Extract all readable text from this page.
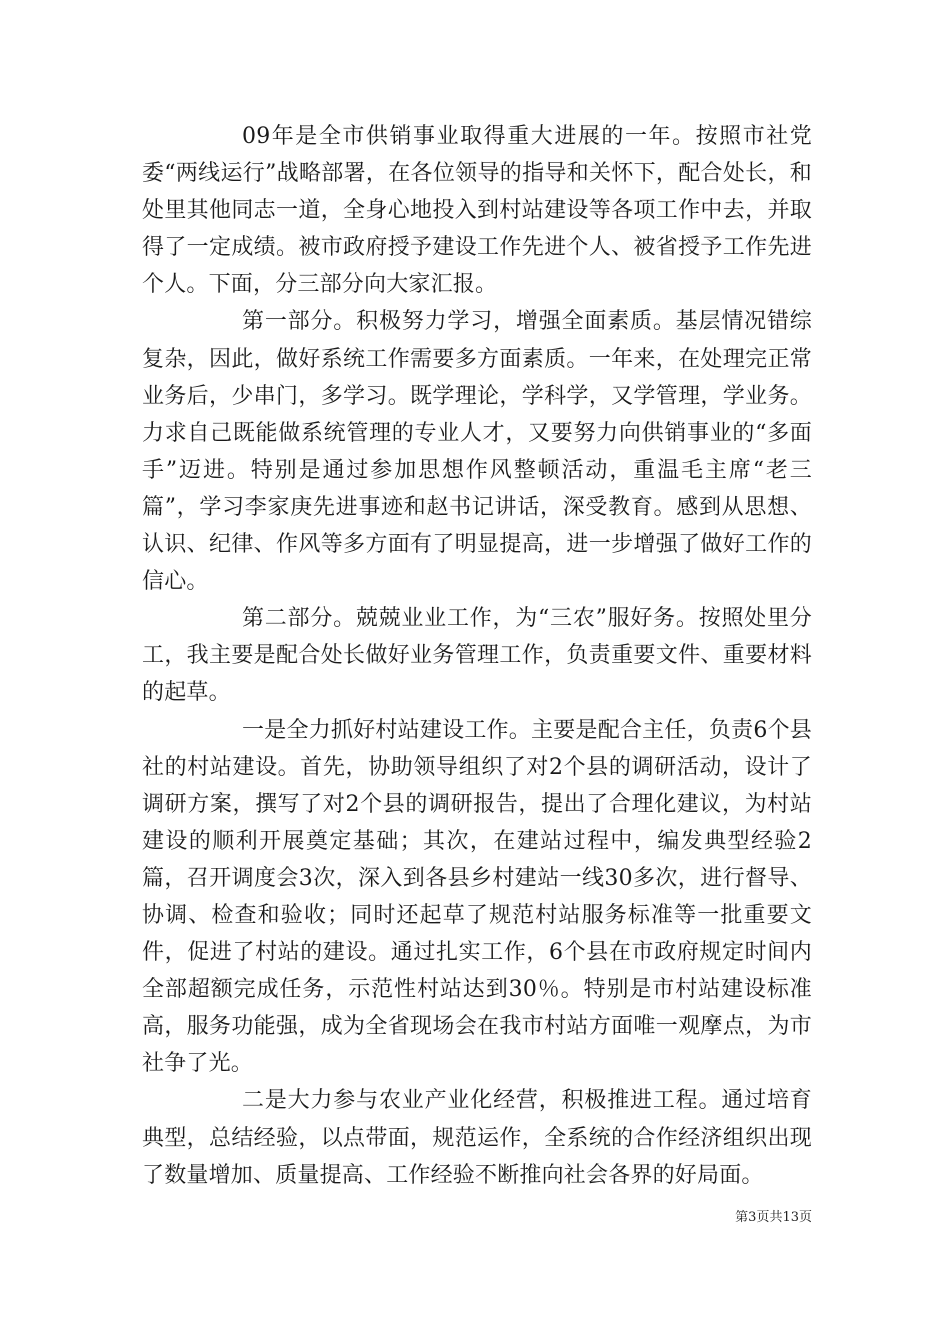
09年是全市供销事业取得重大进展的一年。按照市社党委“两线运行”战略部署，在各位领导的指导和关怀下，配合处长，和处里其他同志一道，全身心地投入到村站建设等各项工作中去，并取得了一定成绩。被市政府授予建设工作先进个人、被省授予工作先进个人。下面，分三部分向大家汇报。

第一部分。积极努力学习，增强全面素质。基层情况错综复杂，因此，做好系统工作需要多方面素质。一年来，在处理完正常业务后，少串门，多学习。既学理论，学科学，又学管理，学业务。力求自己既能做系统管理的专业人才，又要努力向供销事业的“多面手”迈进。特别是通过参加思想作风整顿活动，重温毛主席“老三篇”，学习李家庚先进事迹和赵书记讲话，深受教育。感到从思想、认识、纪律、作风等多方面有了明显提高，进一步增强了做好工作的信心。

第二部分。兢兢业业工作，为“三农”服好务。按照处里分工，我主要是配合处长做好业务管理工作，负责重要文件、重要材料的起草。

一是全力抓好村站建设工作。主要是配合主任，负责6个县社的村站建设。首先，协助领导组织了对2个县的调研活动，设计了调研方案，撰写了对2个县的调研报告，提出了合理化建议，为村站建设的顺利开展奠定基础；其次，在建站过程中，编发典型经验2篇，召开调度会3次，深入到各县乡村建站一线30多次，进行督导、协调、检查和验收；同时还起草了规范村站服务标准等一批重要文件，促进了村站的建设。通过扎实工作，6个县在市政府规定时间内全部超额完成任务，示范性村站达到30％。特别是市村站建设标准高，服务功能强，成为全省现场会在我市村站方面唯一观摩点，为市社争了光。

二是大力参与农业产业化经营，积极推进工程。通过培育典型，总结经验，以点带面，规范运作，全系统的合作经济组织出现了数量增加、质量提高、工作经验不断推向社会各界的好局面。

第3页共13页
